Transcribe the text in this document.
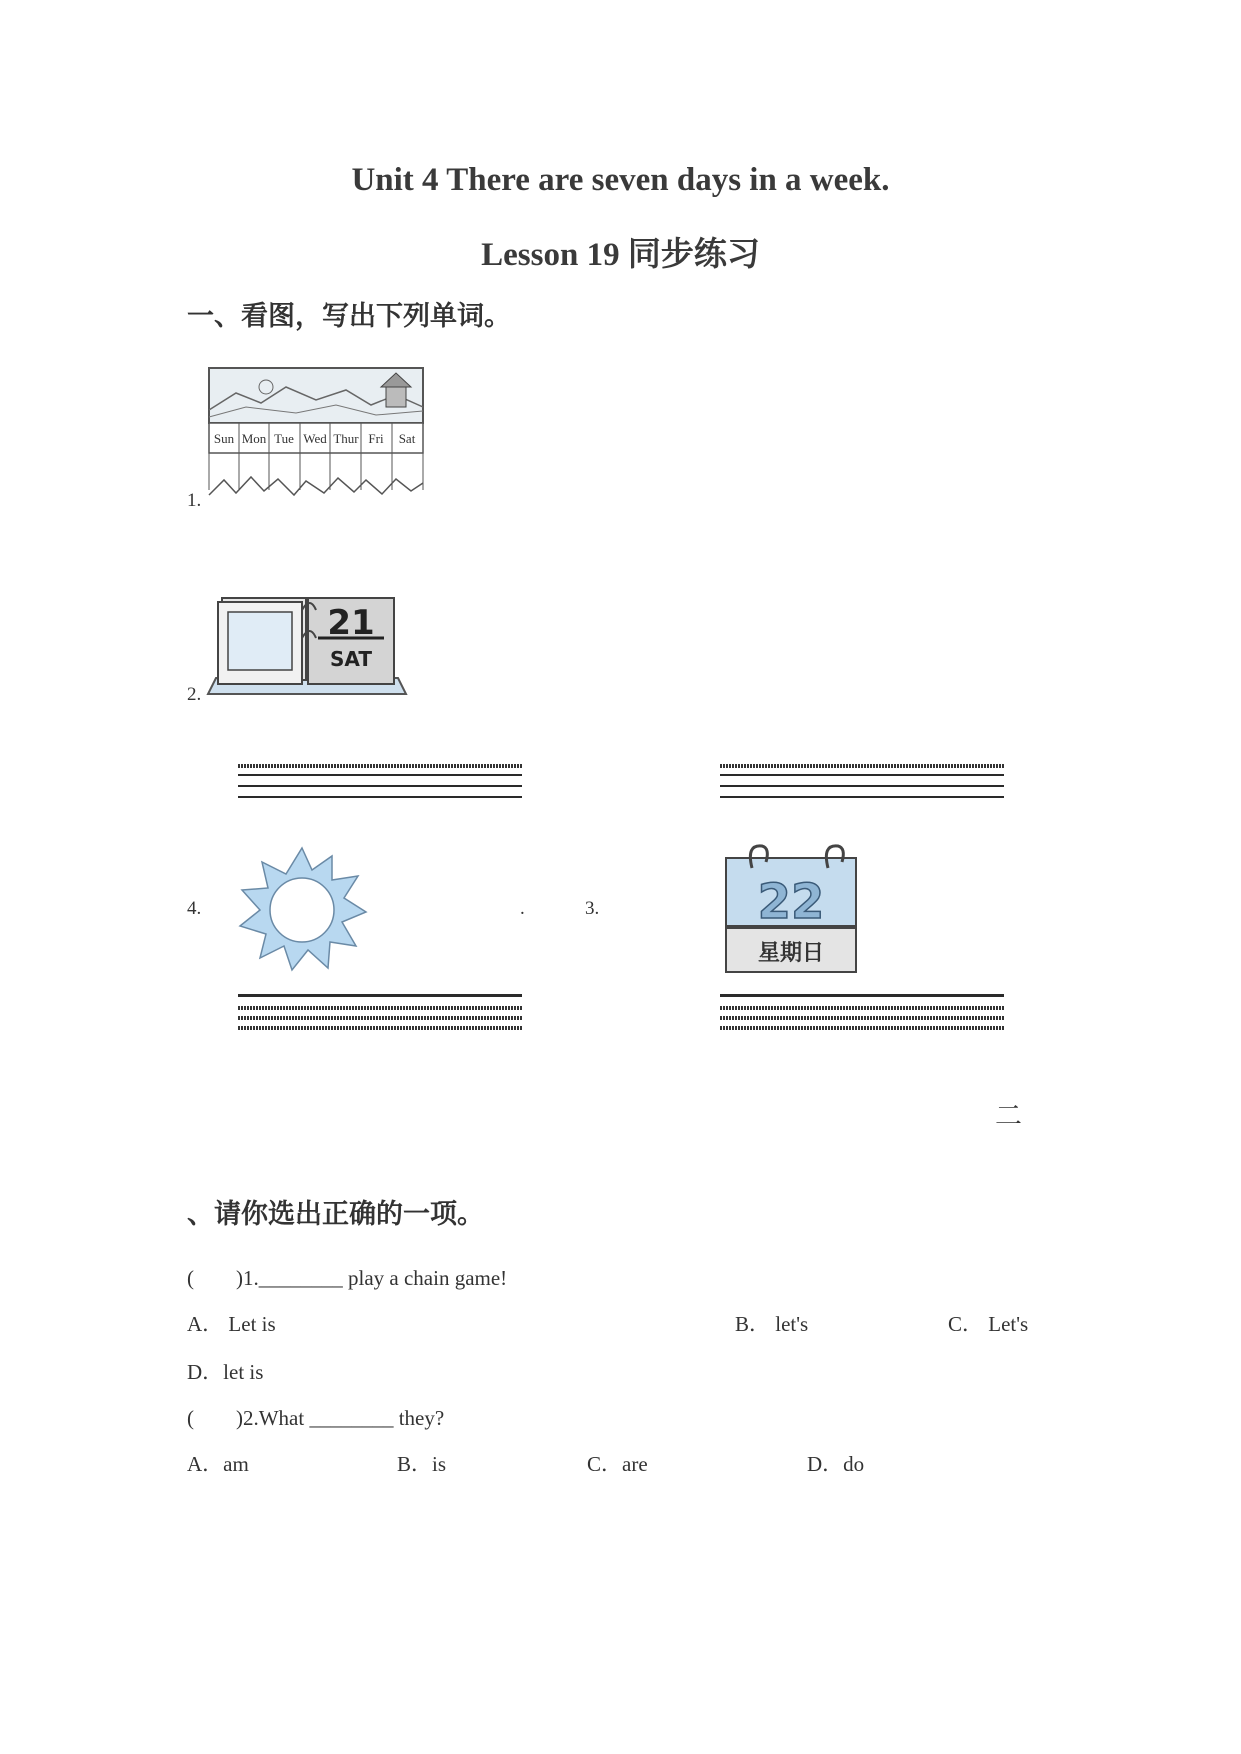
Unit 4 There are seven days in a week.
Lesson 19 同步练习
一、看图，写出下列单词。
1.
Sun Mon Tue Wed Thur Fri Sat
2.
21
SAT
4.	.	3.	22
星期日
二
、请你选出正确的一项。
(　　)1.________ play a chain game!
A． Let is	B． let's	C． Let's
D．let is
(　　)2.What ________ they?
A．am	B．is	C．are	D．do
